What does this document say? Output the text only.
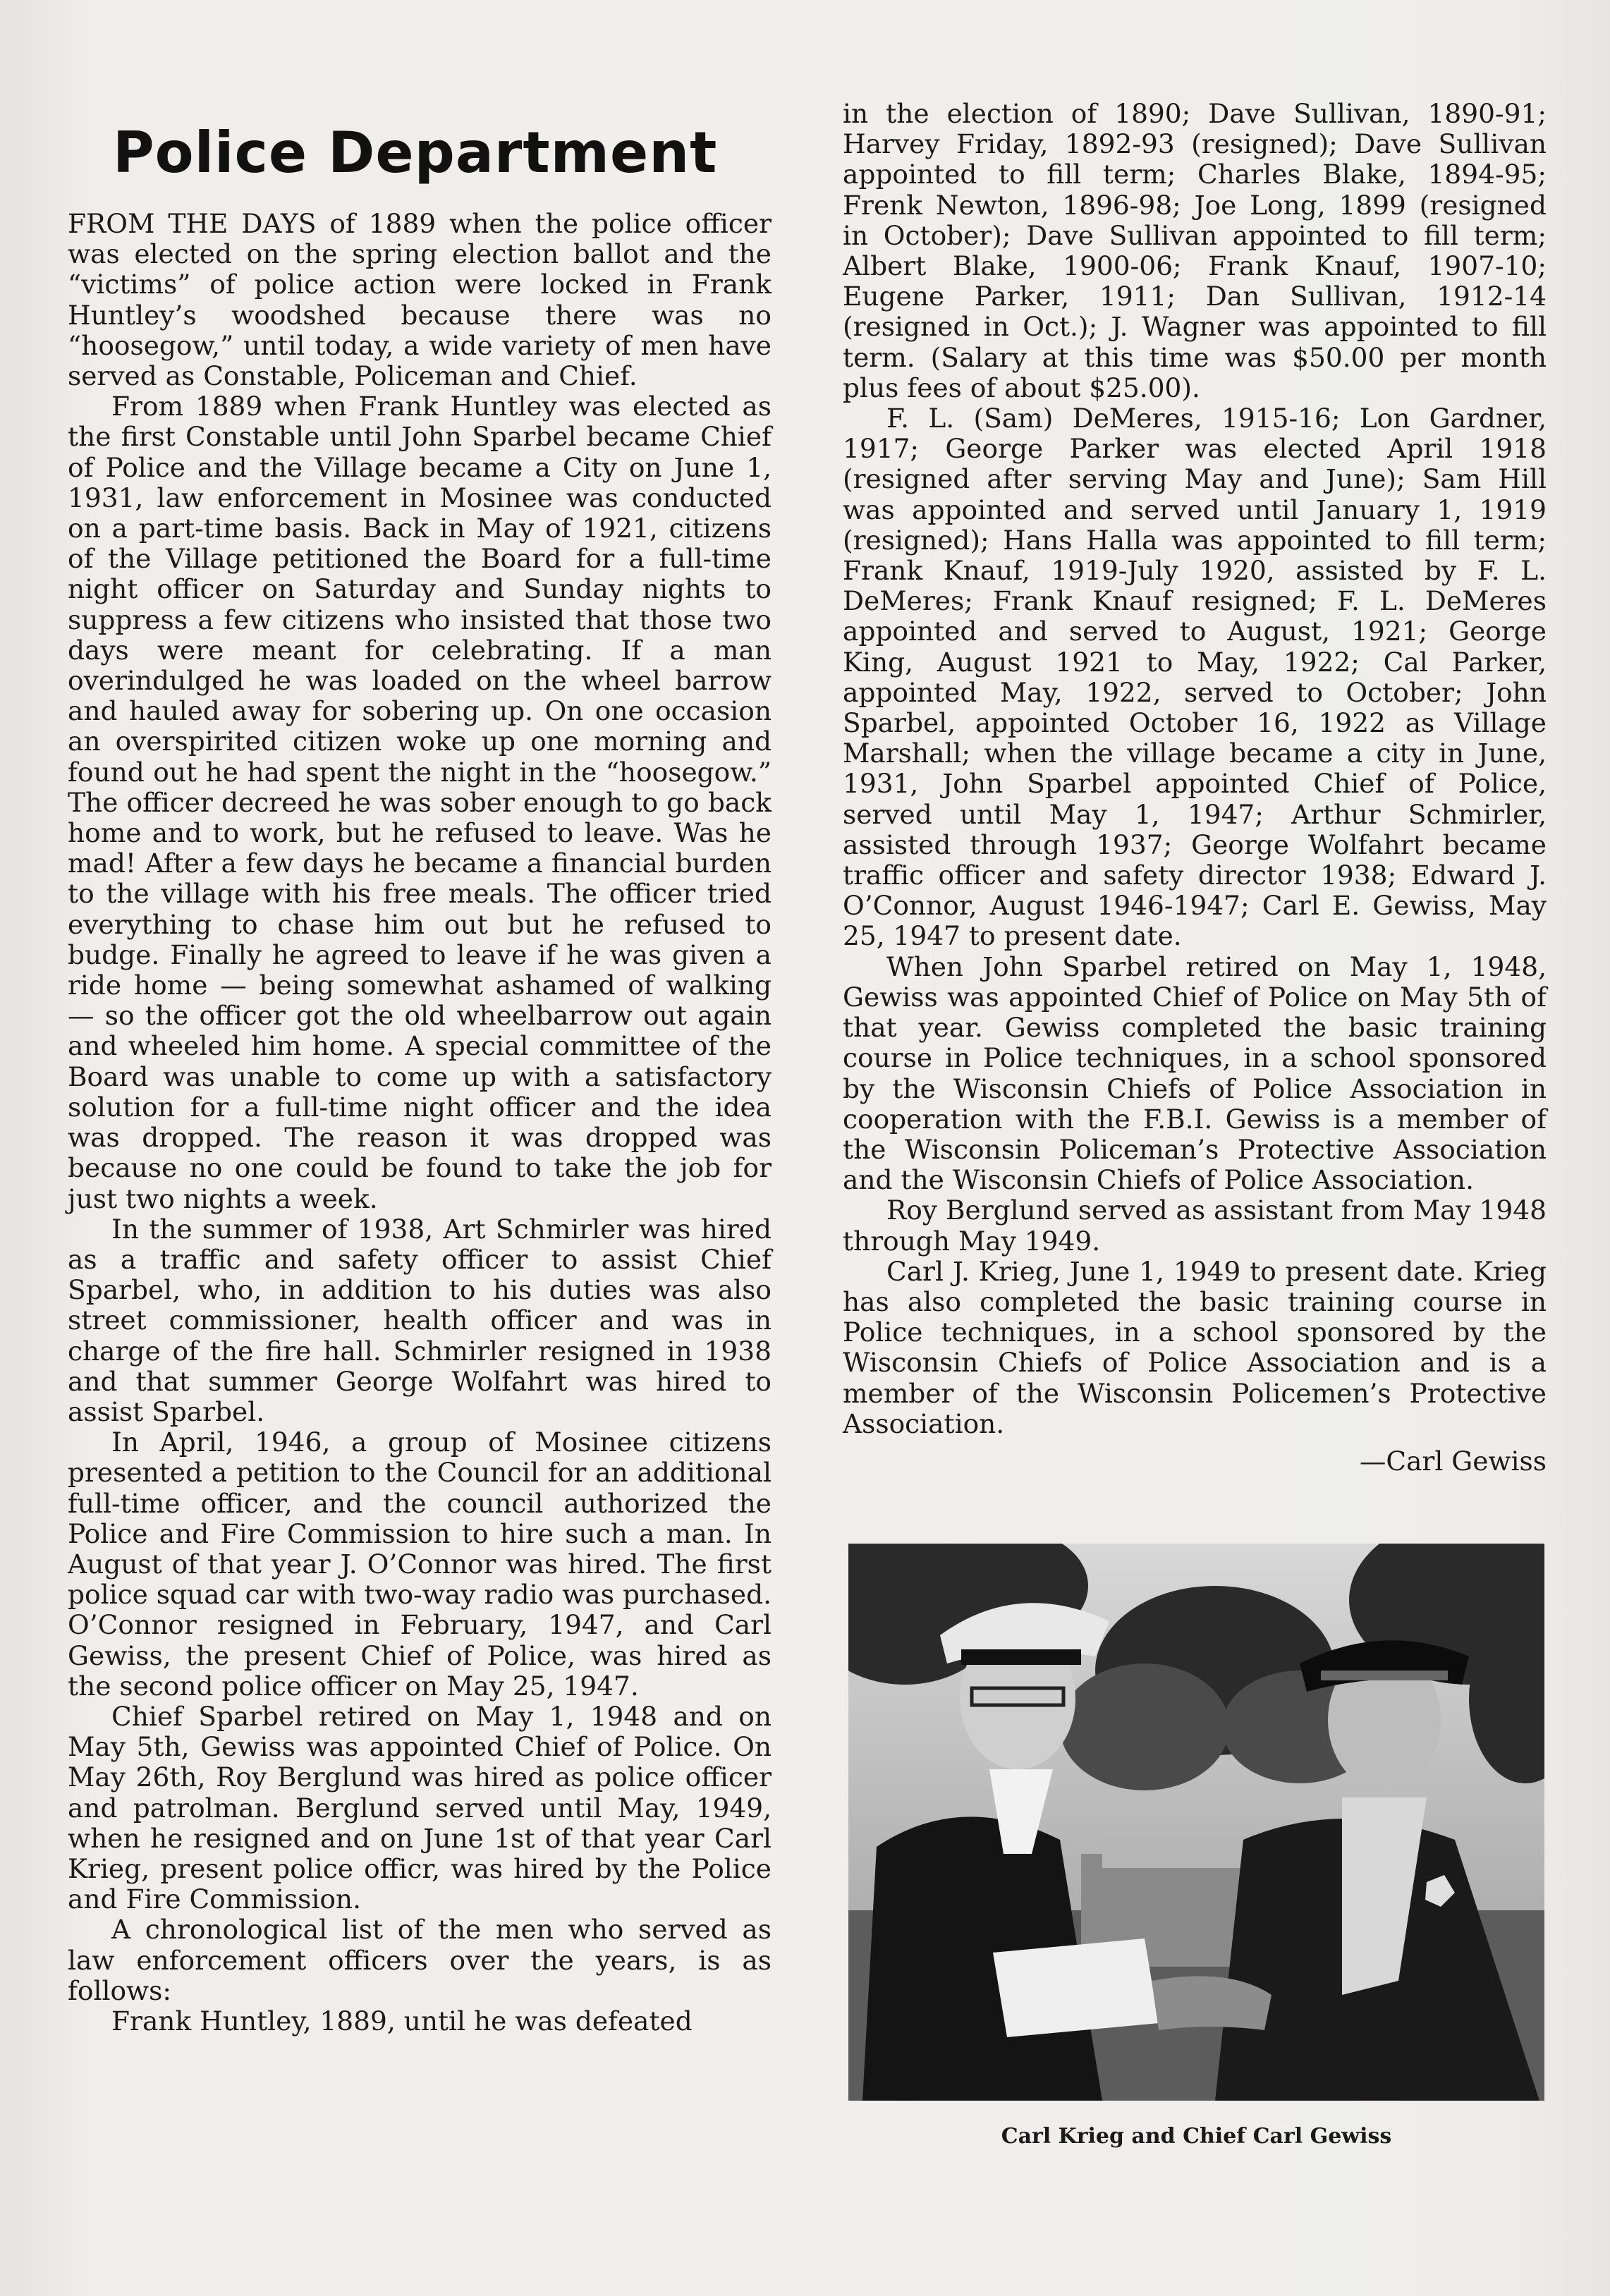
Police Department

FROM THE DAYS of 1889 when the police officer was elected on the spring election ballot and the “victims” of police action were locked in Frank Huntley’s woodshed because there was no “hoosegow,” until today, a wide variety of men have served as Constable, Policeman and Chief.

From 1889 when Frank Huntley was elected as the first Constable until John Sparbel became Chief of Police and the Village became a City on June 1, 1931, law enforcement in Mosinee was conducted on a part-time basis. Back in May of 1921, citizens of the Village petitioned the Board for a full-time night officer on Saturday and Sunday nights to suppress a few citizens who insisted that those two days were meant for celebrating. If a man overindulged he was loaded on the wheel barrow and hauled away for sobering up. On one occasion an overspirited citizen woke up one morning and found out he had spent the night in the “hoosegow.” The officer decreed he was sober enough to go back home and to work, but he refused to leave. Was he mad! After a few days he became a financial burden to the village with his free meals. The officer tried everything to chase him out but he refused to budge. Finally he agreed to leave if he was given a ride home — being somewhat ashamed of walking — so the officer got the old wheelbarrow out again and wheeled him home. A special committee of the Board was unable to come up with a satisfactory solution for a full-time night officer and the idea was dropped. The reason it was dropped was because no one could be found to take the job for just two nights a week.

In the summer of 1938, Art Schmirler was hired as a traffic and safety officer to assist Chief Sparbel, who, in addition to his duties was also street commissioner, health officer and was in charge of the fire hall. Schmirler resigned in 1938 and that summer George Wolfahrt was hired to assist Sparbel.

In April, 1946, a group of Mosinee citizens presented a petition to the Council for an additional full-time officer, and the council authorized the Police and Fire Commission to hire such a man. In August of that year J. O’Connor was hired. The first police squad car with two-way radio was purchased. O’Connor resigned in February, 1947, and Carl Gewiss, the present Chief of Police, was hired as the second police officer on May 25, 1947.

Chief Sparbel retired on May 1, 1948 and on May 5th, Gewiss was appointed Chief of Police. On May 26th, Roy Berglund was hired as police officer and patrolman. Berglund served until May, 1949, when he resigned and on June 1st of that year Carl Krieg, present police officr, was hired by the Police and Fire Commission.

A chronological list of the men who served as law enforcement officers over the years, is as follows:

Frank Huntley, 1889, until he was defeated

in the election of 1890; Dave Sullivan, 1890-91; Harvey Friday, 1892-93 (resigned); Dave Sullivan appointed to fill term; Charles Blake, 1894-95; Frenk Newton, 1896-98; Joe Long, 1899 (resigned in October); Dave Sullivan appointed to fill term; Albert Blake, 1900-06; Frank Knauf, 1907-10; Eugene Parker, 1911; Dan Sullivan, 1912-14 (resigned in Oct.); J. Wagner was appointed to fill term. (Salary at this time was $50.00 per month plus fees of about $25.00).

F. L. (Sam) DeMeres, 1915-16; Lon Gardner, 1917; George Parker was elected April 1918 (resigned after serving May and June); Sam Hill was appointed and served until January 1, 1919 (resigned); Hans Halla was appointed to fill term; Frank Knauf, 1919-July 1920, assisted by F. L. DeMeres; Frank Knauf resigned; F. L. DeMeres appointed and served to August, 1921; George King, August 1921 to May, 1922; Cal Parker, appointed May, 1922, served to October; John Sparbel, appointed October 16, 1922 as Village Marshall; when the village became a city in June, 1931, John Sparbel appointed Chief of Police, served until May 1, 1947; Arthur Schmirler, assisted through 1937; George Wolfahrt became traffic officer and safety director 1938; Edward J. O’Connor, August 1946-1947; Carl E. Gewiss, May 25, 1947 to present date.

When John Sparbel retired on May 1, 1948, Gewiss was appointed Chief of Police on May 5th of that year. Gewiss completed the basic training course in Police techniques, in a school sponsored by the Wisconsin Chiefs of Police Association in cooperation with the F.B.I. Gewiss is a member of the Wisconsin Policeman’s Protective Association and the Wisconsin Chiefs of Police Association.

Roy Berglund served as assistant from May 1948 through May 1949.

Carl J. Krieg, June 1, 1949 to present date. Krieg has also completed the basic training course in Police techniques, in a school sponsored by the Wisconsin Chiefs of Police Association and is a member of the Wisconsin Policemen’s Protective Association.

—Carl Gewiss

Carl Krieg and Chief Carl Gewiss
